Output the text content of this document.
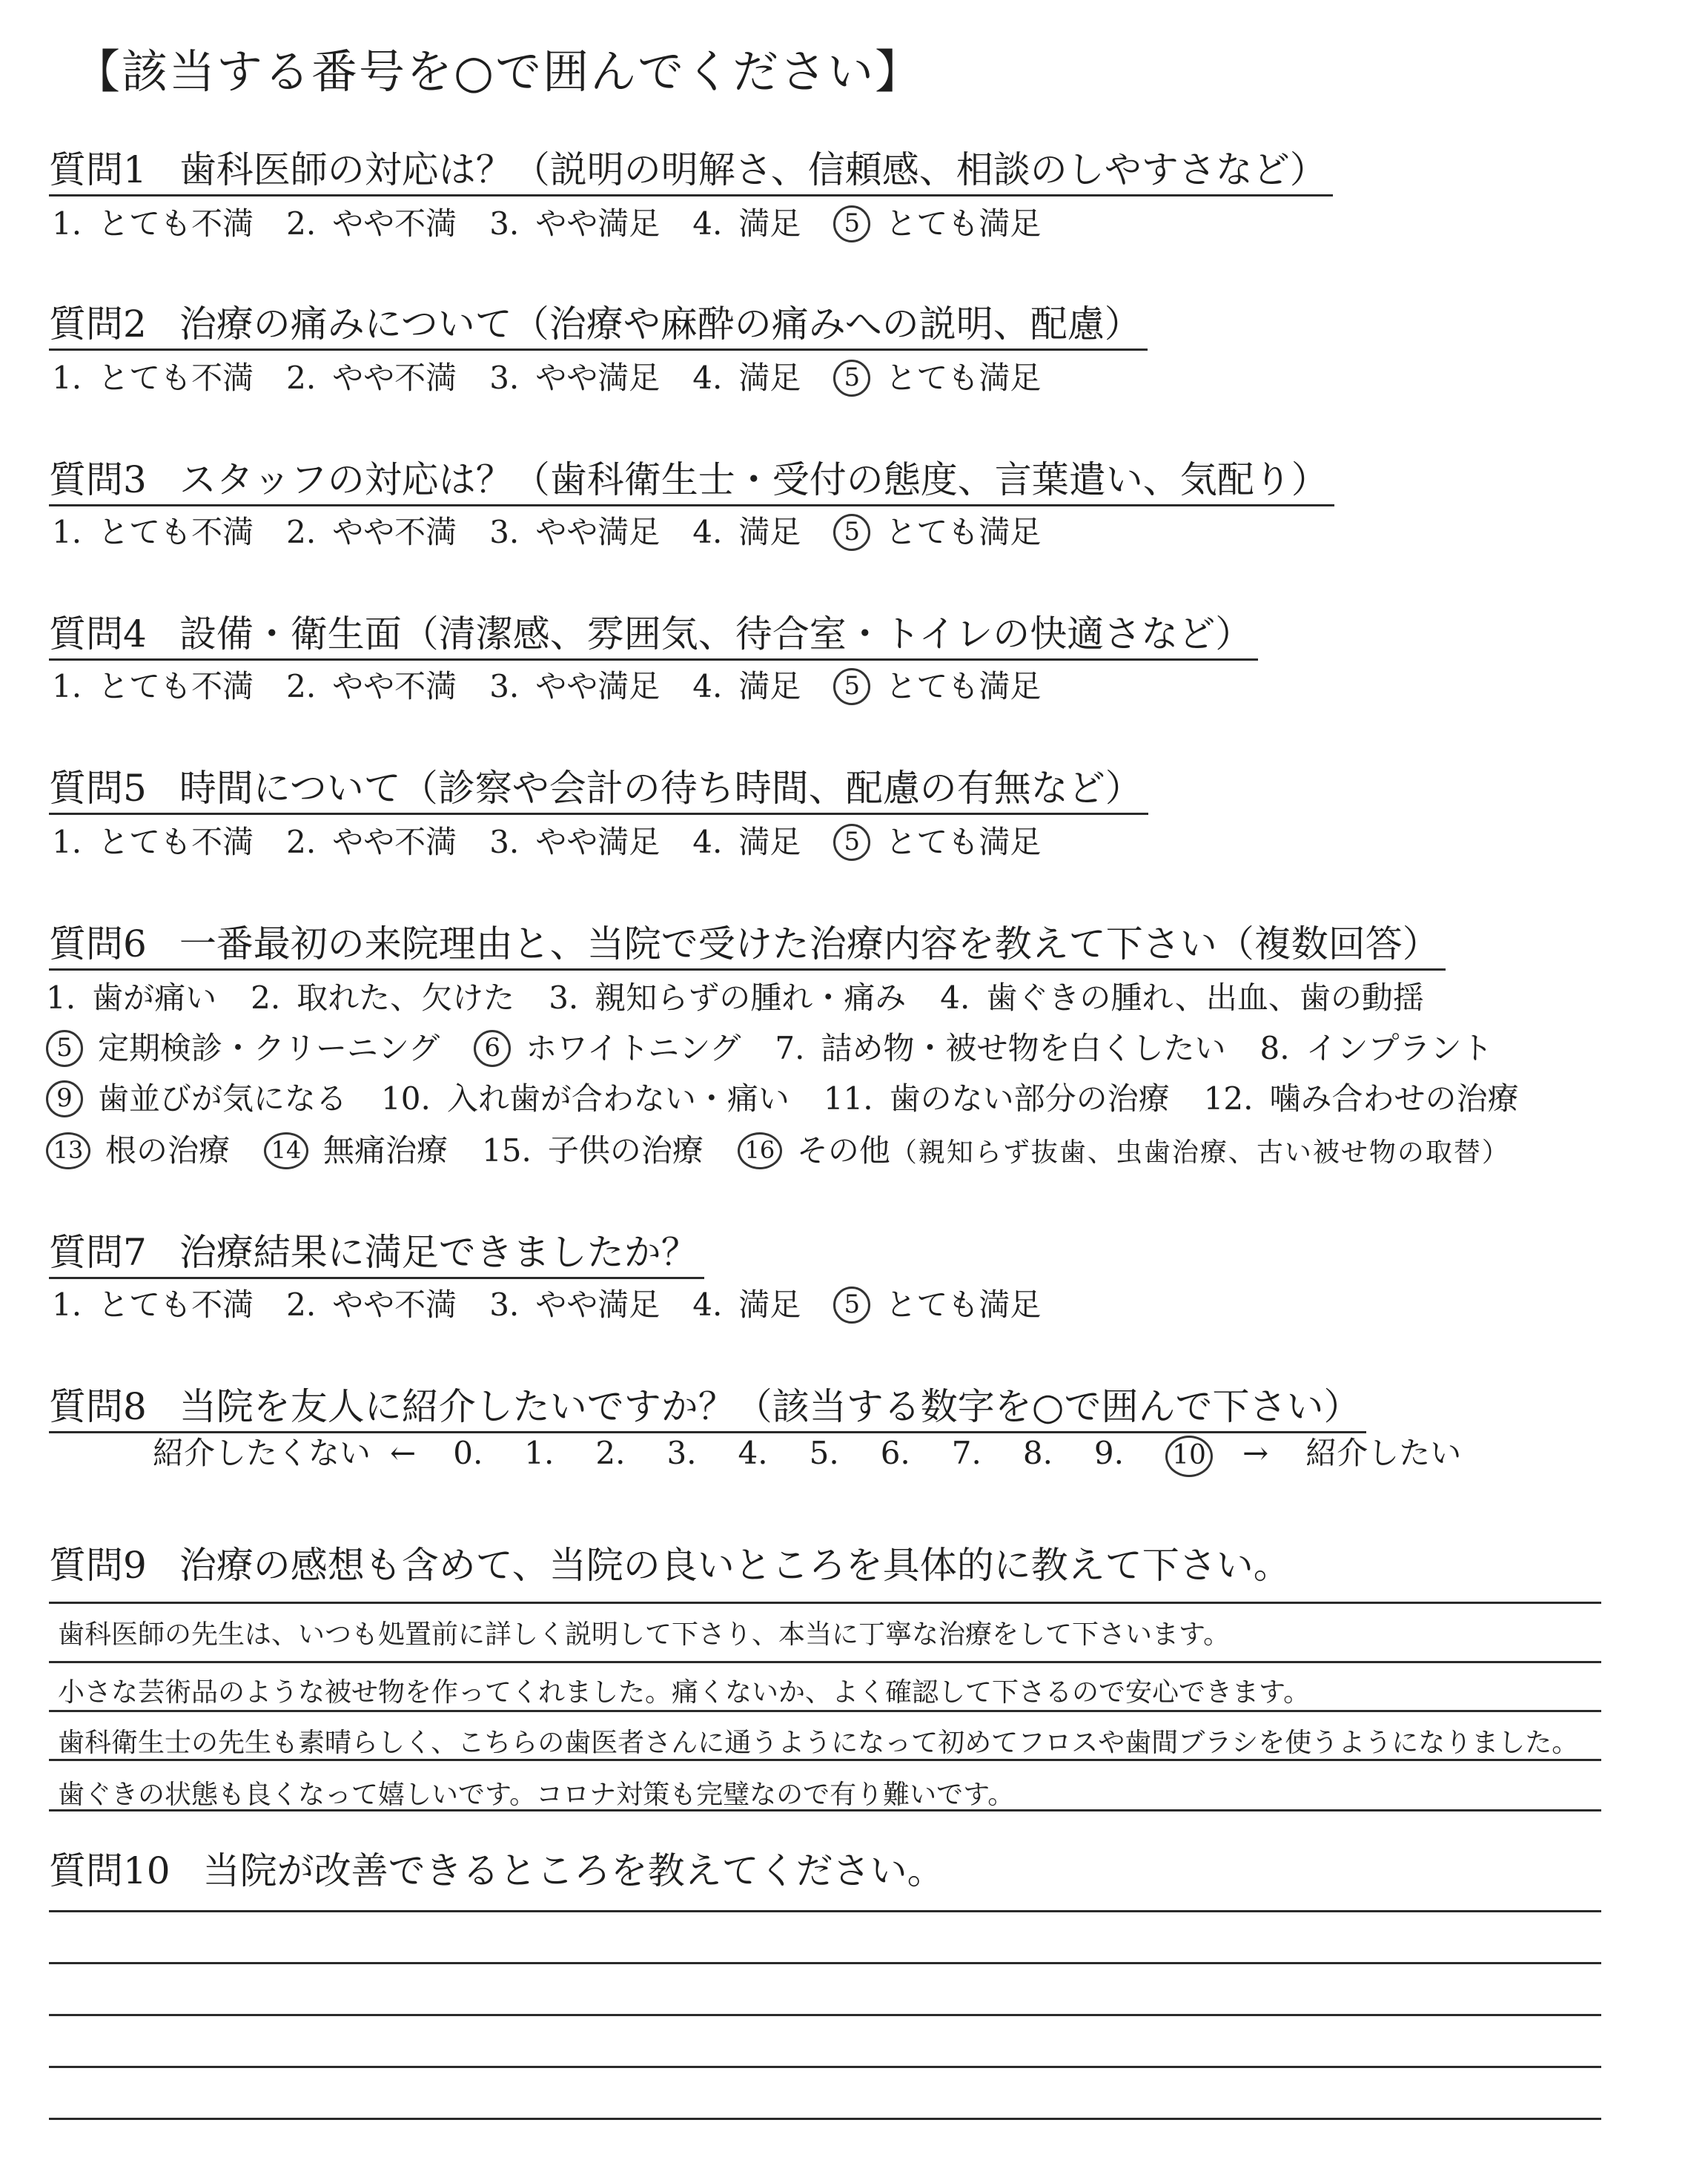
【該当する番号を○で囲んでください】
質問1 歯科医師の対応は？（説明の明解さ、信頼感、相談のしやすさなど）
1. とても不満 2. やや不満 3. やや満足 4. 満足 5 とても満足
質問2 治療の痛みについて（治療や麻酔の痛みへの説明、配慮）
1. とても不満 2. やや不満 3. やや満足 4. 満足 5 とても満足
質問3 スタッフの対応は？（歯科衛生士・受付の態度、言葉遣い、気配り）
1. とても不満 2. やや不満 3. やや満足 4. 満足 5 とても満足
質問4 設備・衛生面（清潔感、雰囲気、待合室・トイレの快適さなど）
1. とても不満 2. やや不満 3. やや満足 4. 満足 5 とても満足
質問5 時間について（診察や会計の待ち時間、配慮の有無など）
1. とても不満 2. やや不満 3. やや満足 4. 満足 5 とても満足
質問6 一番最初の来院理由と、当院で受けた治療内容を教えて下さい（複数回答）
1. 歯が痛い 2. 取れた、欠けた 3. 親知らずの腫れ・痛み 4. 歯ぐきの腫れ、出血、歯の動揺
5 定期検診・クリーニング 6 ホワイトニング 7. 詰め物・被せ物を白くしたい 8. インプラント
9 歯並びが気になる 10. 入れ歯が合わない・痛い 11. 歯のない部分の治療 12. 噛み合わせの治療
13 根の治療 14 無痛治療 15. 子供の治療 16 その他（親知らず抜歯、虫歯治療、古い被せ物の取替）
質問7 治療結果に満足できましたか？
1. とても不満 2. やや不満 3. やや満足 4. 満足 5 とても満足
質問8 当院を友人に紹介したいですか？（該当する数字を○で囲んで下さい）
紹介したくない ← 0. 1. 2. 3. 4. 5. 6. 7. 8. 9. 10 → 紹介したい
質問9 治療の感想も含めて、当院の良いところを具体的に教えて下さい。
歯科医師の先生は、いつも処置前に詳しく説明して下さり、本当に丁寧な治療をして下さいます。
小さな芸術品のような被せ物を作ってくれました。痛くないか、よく確認して下さるので安心できます。
歯科衛生士の先生も素晴らしく、こちらの歯医者さんに通うようになって初めてフロスや歯間ブラシを使うようになりました。
歯ぐきの状態も良くなって嬉しいです。コロナ対策も完璧なので有り難いです。
質問10 当院が改善できるところを教えてください。
